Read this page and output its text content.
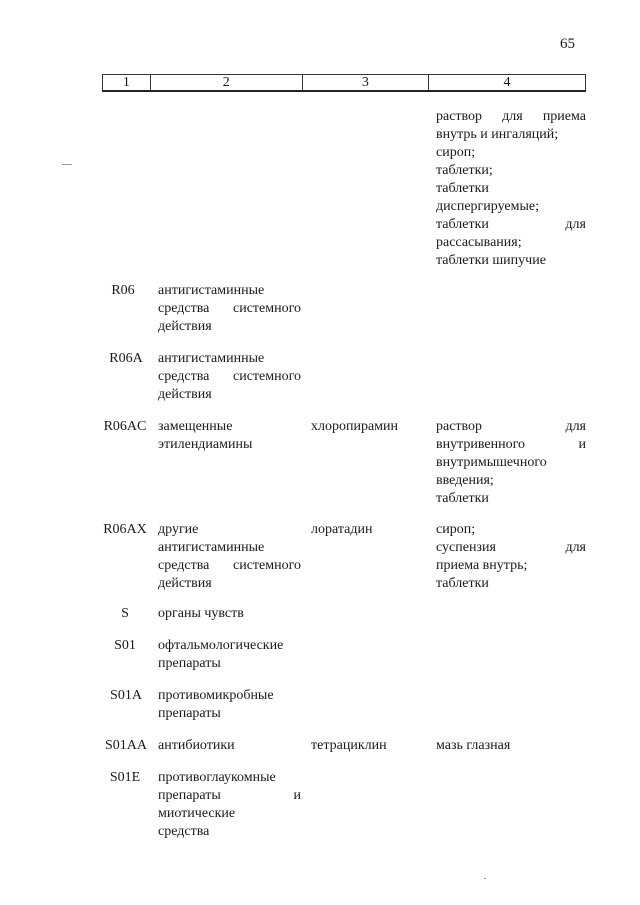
65
1	2	3	4
раствор для приема
внутрь и ингаляций;
сироп;
таблетки;
таблетки
диспергируемые;
таблетки для
рассасывания;
таблетки шипучие
R06	антигистаминные
средства системного
действия
R06A	антигистаминные
средства системного
действия
R06AC замещенные
этилендиамины
хлоропирамин	раствор для
внутривенного и
внутримышечного
введения;
таблетки
R06AX другие
антигистаминные
средства системного
действия
лоратадин	сироп;
суспензия для
приема внутрь;
таблетки
S	органы чувств
S01	офтальмологические
препараты
S01A	противомикробные
препараты
S01AA антибиотики	тетрациклин	мазь глазная
S01E	противоглаукомные
препараты и
миотические
средства
